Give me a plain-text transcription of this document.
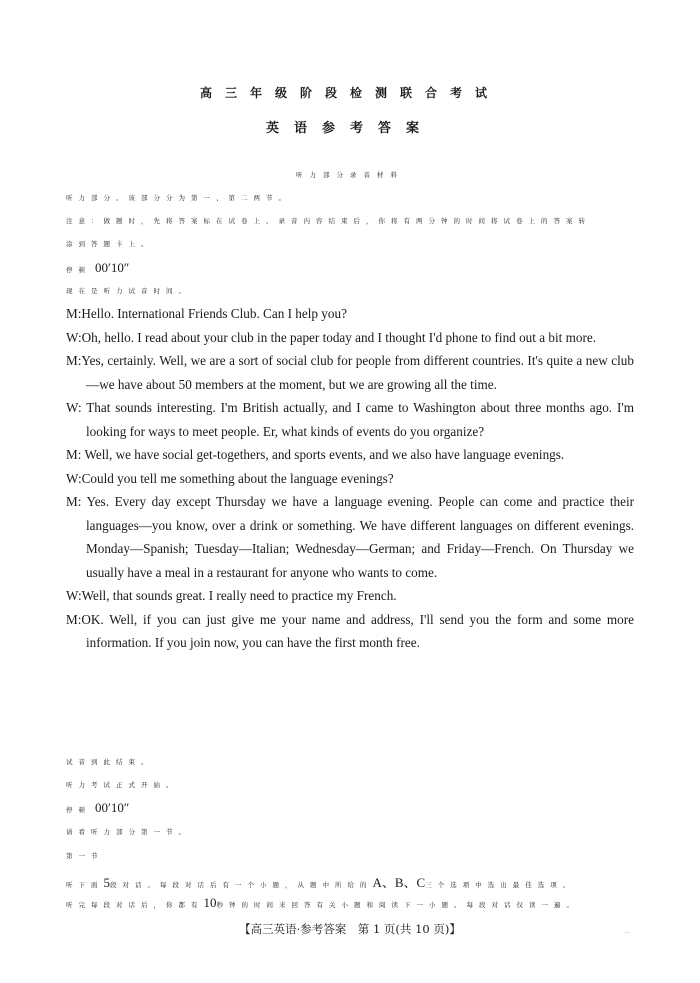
高三年级阶段检测联合考试
英语参考答案
听力部分录音材料
听力部分。该部分分为第一、第二两节。
注意：做题时，先将答案标在试卷上。录音内容结束后，你将有两分钟的时间将试卷上的答案转
涂到答题卡上。
停顿 00′10″
现在是听力试音时间。

M:Hello. International Friends Club. Can I help you?

W:Oh, hello. I read about your club in the paper today and I thought I'd phone to find out a bit more.

M:Yes, certainly. Well, we are a sort of social club for people from different countries. It's quite a new club—we have about 50 members at the moment, but we are growing all the time.

W: That sounds interesting. I'm British actually, and I came to Washington about three months ago. I'm looking for ways to meet people. Er, what kinds of events do you organize?

M: Well, we have social get-togethers, and sports events, and we also have language evenings.

W:Could you tell me something about the language evenings?

M: Yes. Every day except Thursday we have a language evening. People can come and practice their languages—you know, over a drink or something. We have different languages on different evenings. Monday—Spanish; Tuesday—Italian; Wednesday—German; and Friday—French. On Thursday we usually have a meal in a restaurant for anyone who wants to come.

W:Well, that sounds great. I really need to practice my French.

M:OK. Well, if you can just give me your name and address, I'll send you the form and some more information. If you join now, you can have the first month free.

试音到此结束。
听力考试正式开始。
停顿 00′10″
请看听力部分第一节。
第一节
听下面5段对话。每段对话后有一个小题，从题中所给的A、B、C三个选项中选出最佳选项。
听完每段对话后，你都有10秒钟的时间来回答有关小题和阅读下一小题。每段对话仅读一遍。
【高三英语·参考答案　第 1 页(共 10 页)】	…
